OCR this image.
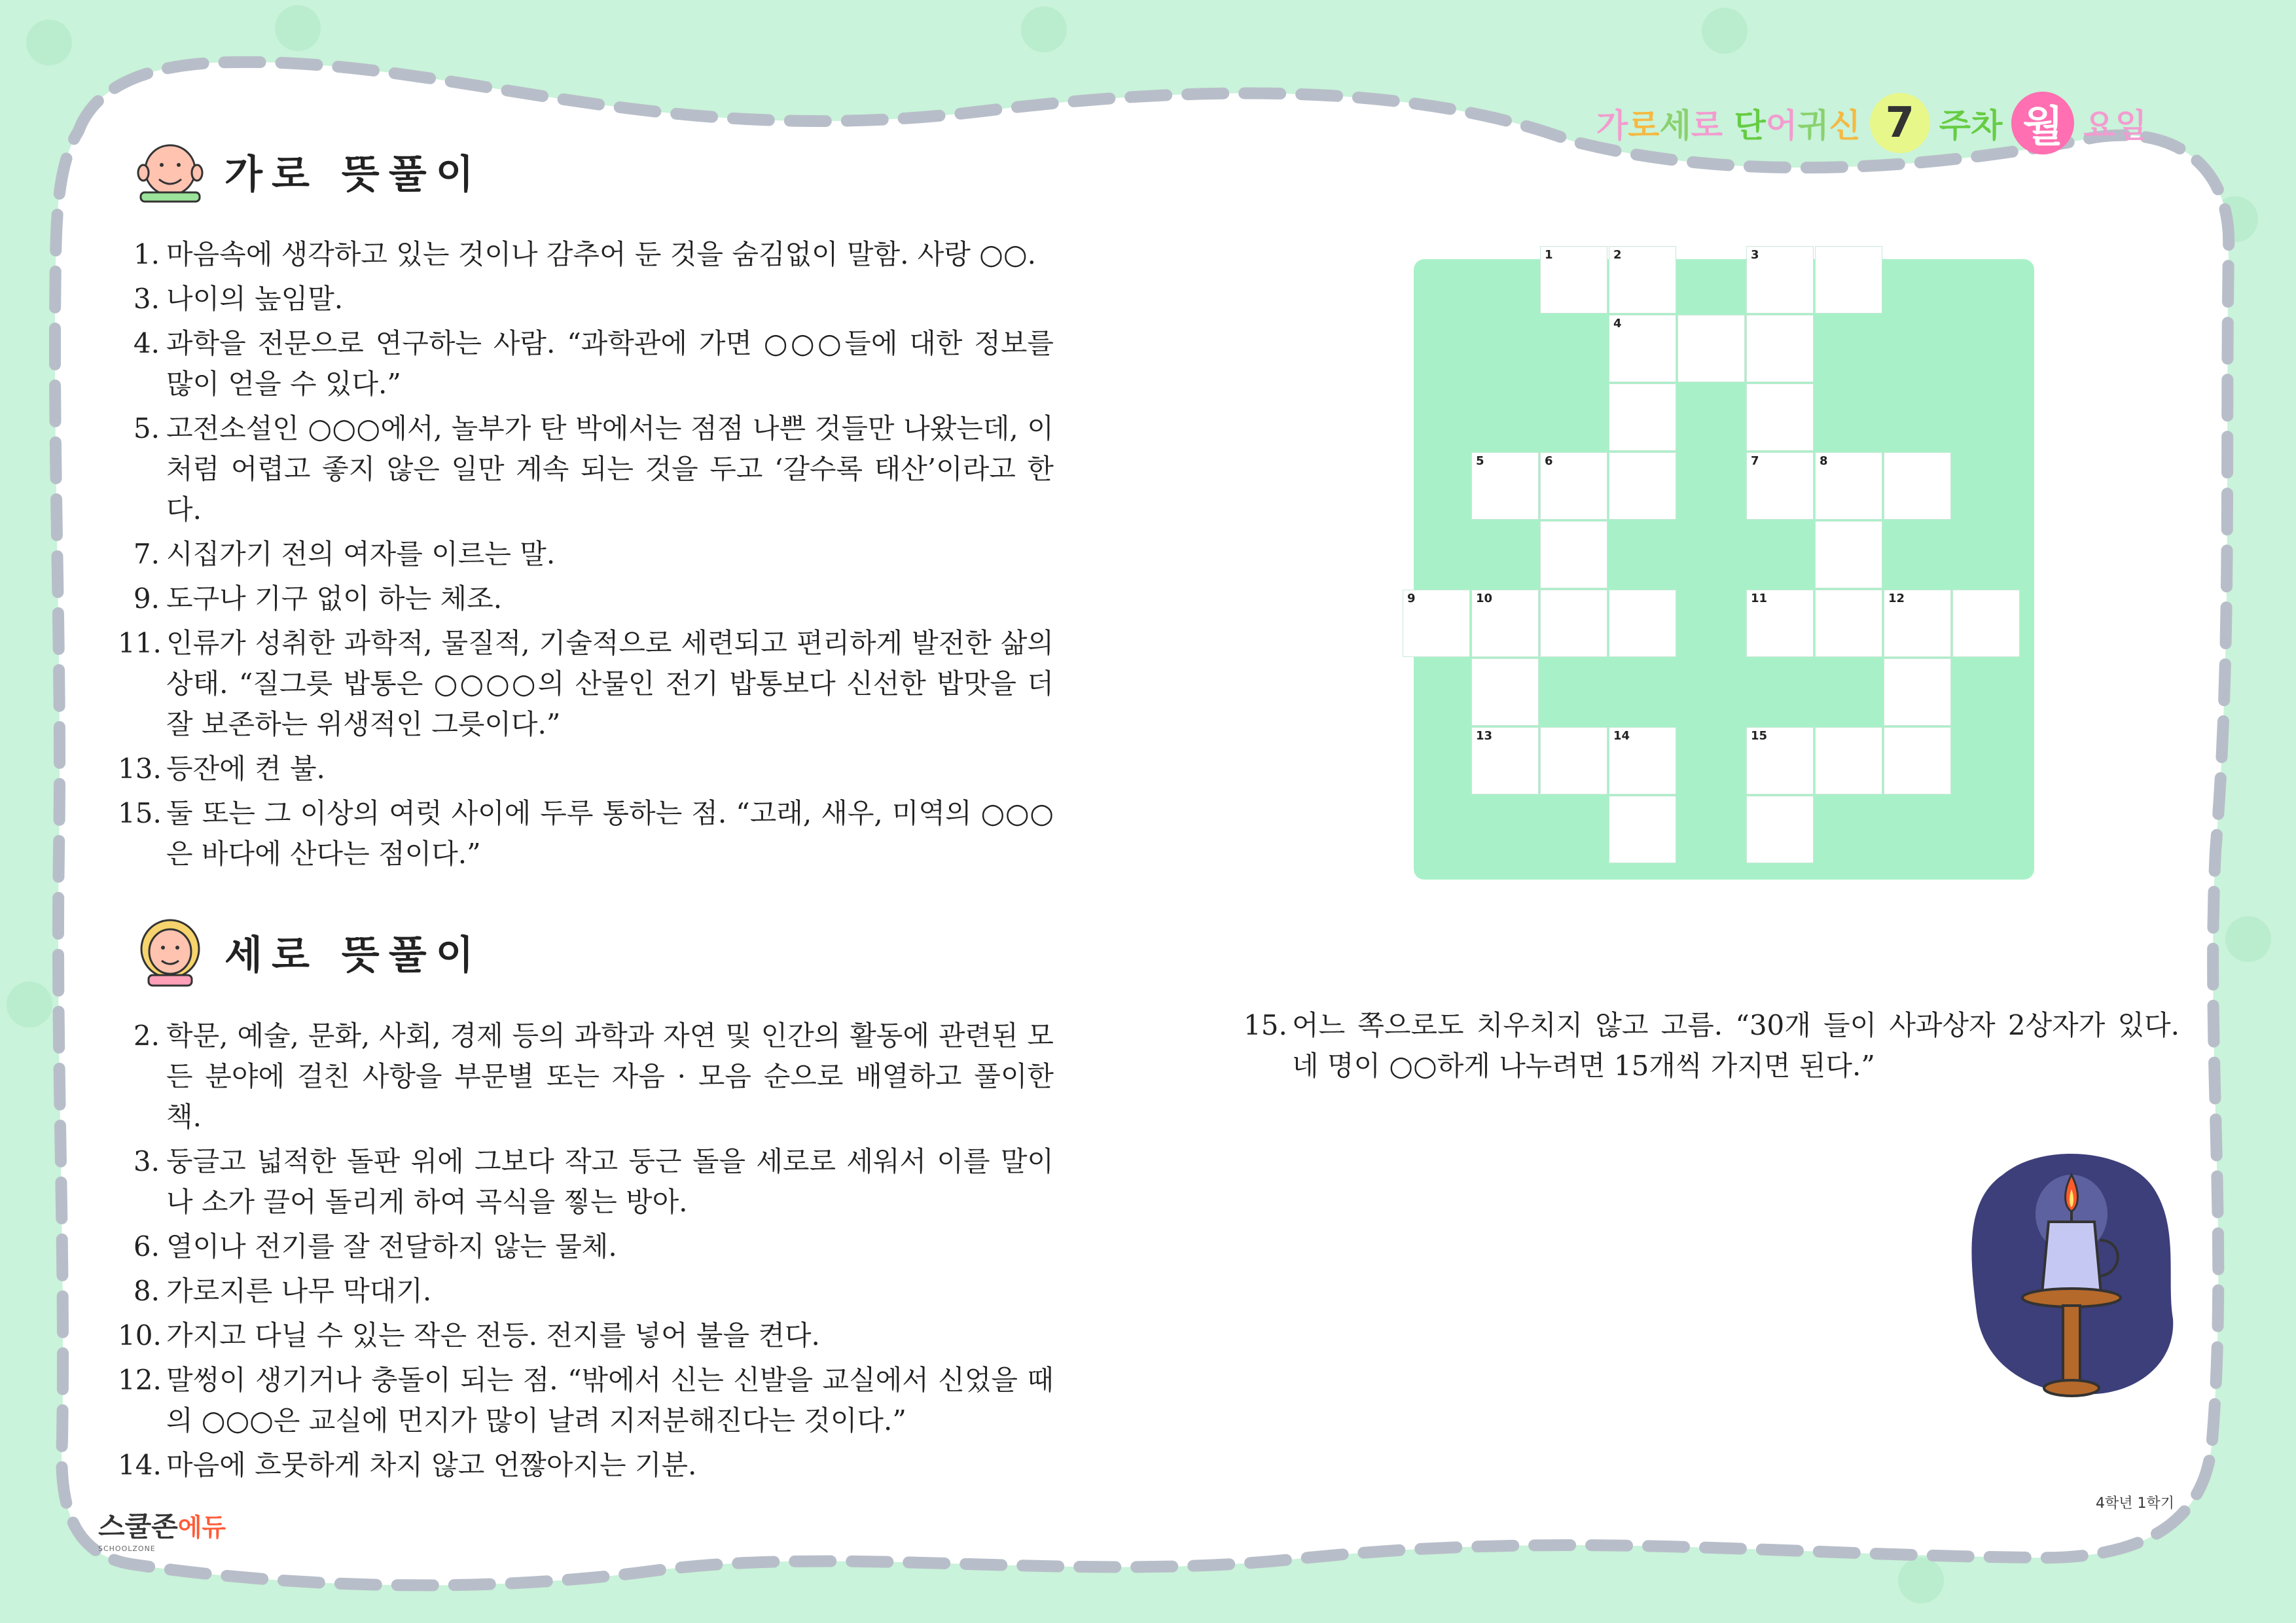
가로세로 단어귀신 7 주차 월 요일
가로 뜻풀이
1. 마음속에 생각하고 있는 것이나 감추어 둔 것을 숨김없이 말함. 사랑 ○○.
3. 나이의 높임말.
4. 과학을 전문으로 연구하는 사람. “과학관에 가면 ○○○들에 대한 정보를 많이 얻을 수 있다.”
5. 고전소설인 ○○○에서, 놀부가 탄 박에서는 점점 나쁜 것들만 나왔는데, 이처럼 어렵고 좋지 않은 일만 계속 되는 것을 두고 ‘갈수록 태산’이라고 한다.
7. 시집가기 전의 여자를 이르는 말.
9. 도구나 기구 없이 하는 체조.
11. 인류가 성취한 과학적, 물질적, 기술적으로 세련되고 편리하게 발전한 삶의 상태. “질그릇 밥통은 ○○○○의 산물인 전기 밥통보다 신선한 밥맛을 더 잘 보존하는 위생적인 그릇이다.”
13. 등잔에 켠 불.
15. 둘 또는 그 이상의 여럿 사이에 두루 통하는 점. “고래, 새우, 미역의 ○○○은 바다에 산다는 점이다.”
세로 뜻풀이
2. 학문, 예술, 문화, 사회, 경제 등의 과학과 자연 및 인간의 활동에 관련된 모든 분야에 걸친 사항을 부문별 또는 자음 · 모음 순으로 배열하고 풀이한 책.
3. 둥글고 넓적한 돌판 위에 그보다 작고 둥근 돌을 세로로 세워서 이를 말이나 소가 끌어 돌리게 하여 곡식을 찧는 방아.
6. 열이나 전기를 잘 전달하지 않는 물체.
8. 가로지른 나무 막대기.
10. 가지고 다닐 수 있는 작은 전등. 전지를 넣어 불을 켠다.
12. 말썽이 생기거나 충돌이 되는 점. “밖에서 신는 신발을 교실에서 신었을 때의 ○○○은 교실에 먼지가 많이 날려 지저분해진다는 것이다.”
14. 마음에 흐뭇하게 차지 않고 언짢아지는 기분.
1	2	3
4
5	6	7	8
9	10	11	12
13	14	15
15. 어느 쪽으로도 치우치지 않고 고름. “30개 들이 사과상자 2상자가 있다. 네 명이 ○○하게 나누려면 15개씩 가지면 된다.”
스쿨존에듀
SCHOOLZONE
4학년 1학기
